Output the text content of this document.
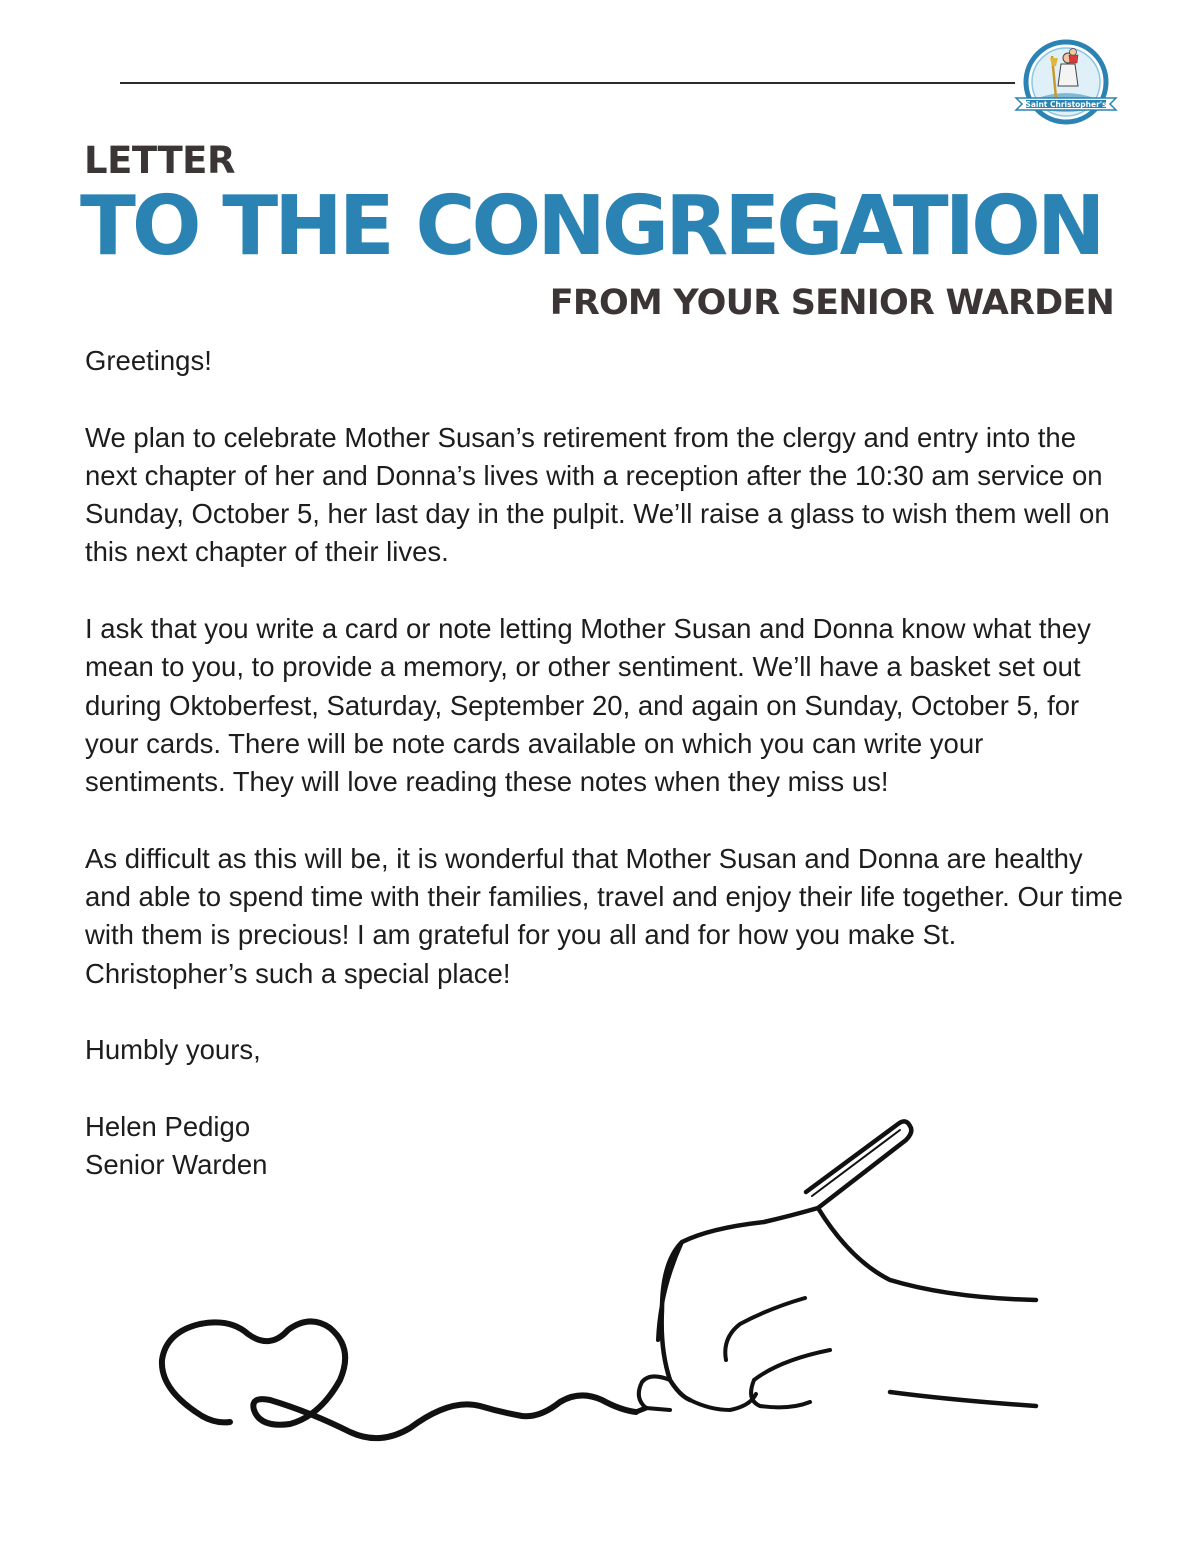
Saint Christopher's
LETTER
TO THE CONGREGATION
FROM YOUR SENIOR WARDEN

Greetings!

We plan to celebrate Mother Susan’s retirement from the clergy and entry into the next chapter of her and Donna’s lives with a reception after the 10:30 am service on Sunday, October 5, her last day in the pulpit. We’ll raise a glass to wish them well on this next chapter of their lives.

I ask that you write a card or note letting Mother Susan and Donna know what they mean to you, to provide a memory, or other sentiment. We’ll have a basket set out during Oktoberfest, Saturday, September 20, and again on Sunday, October 5, for your cards. There will be note cards available on which you can write your sentiments. They will love reading these notes when they miss us!

As difficult as this will be, it is wonderful that Mother Susan and Donna are healthy and able to spend time with their families, travel and enjoy their life together. Our time with them is precious! I am grateful for you all and for how you make St. Christopher’s such a special place!

Humbly yours,

Helen Pedigo

Senior Warden
